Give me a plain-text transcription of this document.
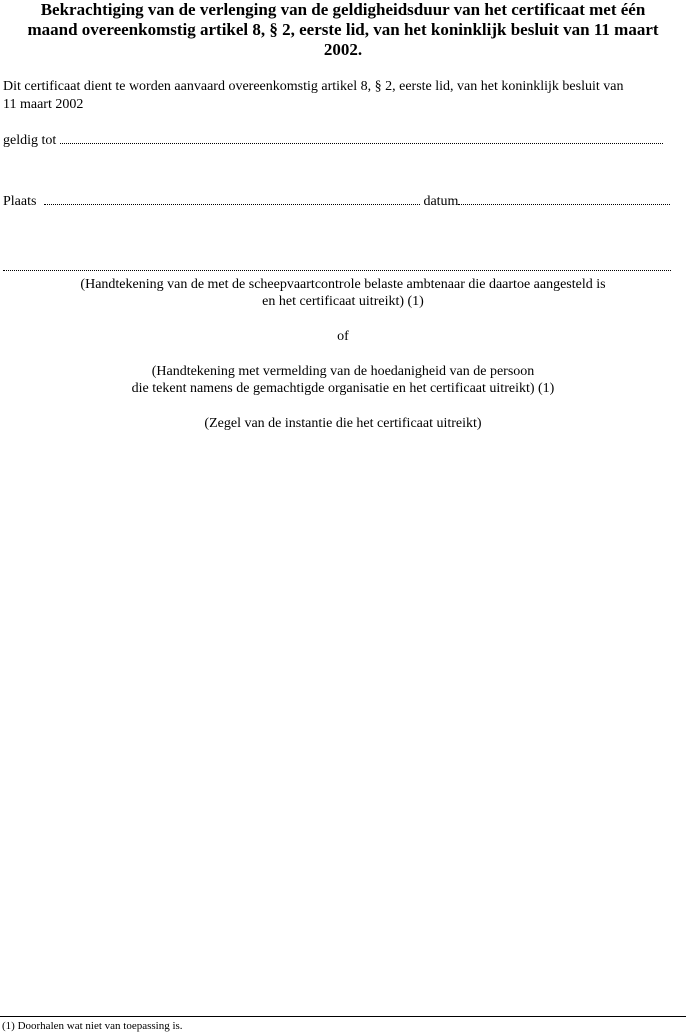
Bekrachtiging van de verlenging van de geldigheidsduur van het certificaat met één
maand overeenkomstig artikel 8, § 2, eerste lid, van het koninklijk besluit van 11 maart
2002.
Dit certificaat dient te worden aanvaard overeenkomstig artikel 8, § 2, eerste lid, van het koninklijk besluit van
11 maart 2002
geldig tot
Plaats	datum
(Handtekening van de met de scheepvaartcontrole belaste ambtenaar die daartoe aangesteld is
en het certificaat uitreikt) (1)
of
(Handtekening met vermelding van de hoedanigheid van de persoon
die tekent namens de gemachtigde organisatie en het certificaat uitreikt) (1)
(Zegel van de instantie die het certificaat uitreikt)
(1) Doorhalen wat niet van toepassing is.
